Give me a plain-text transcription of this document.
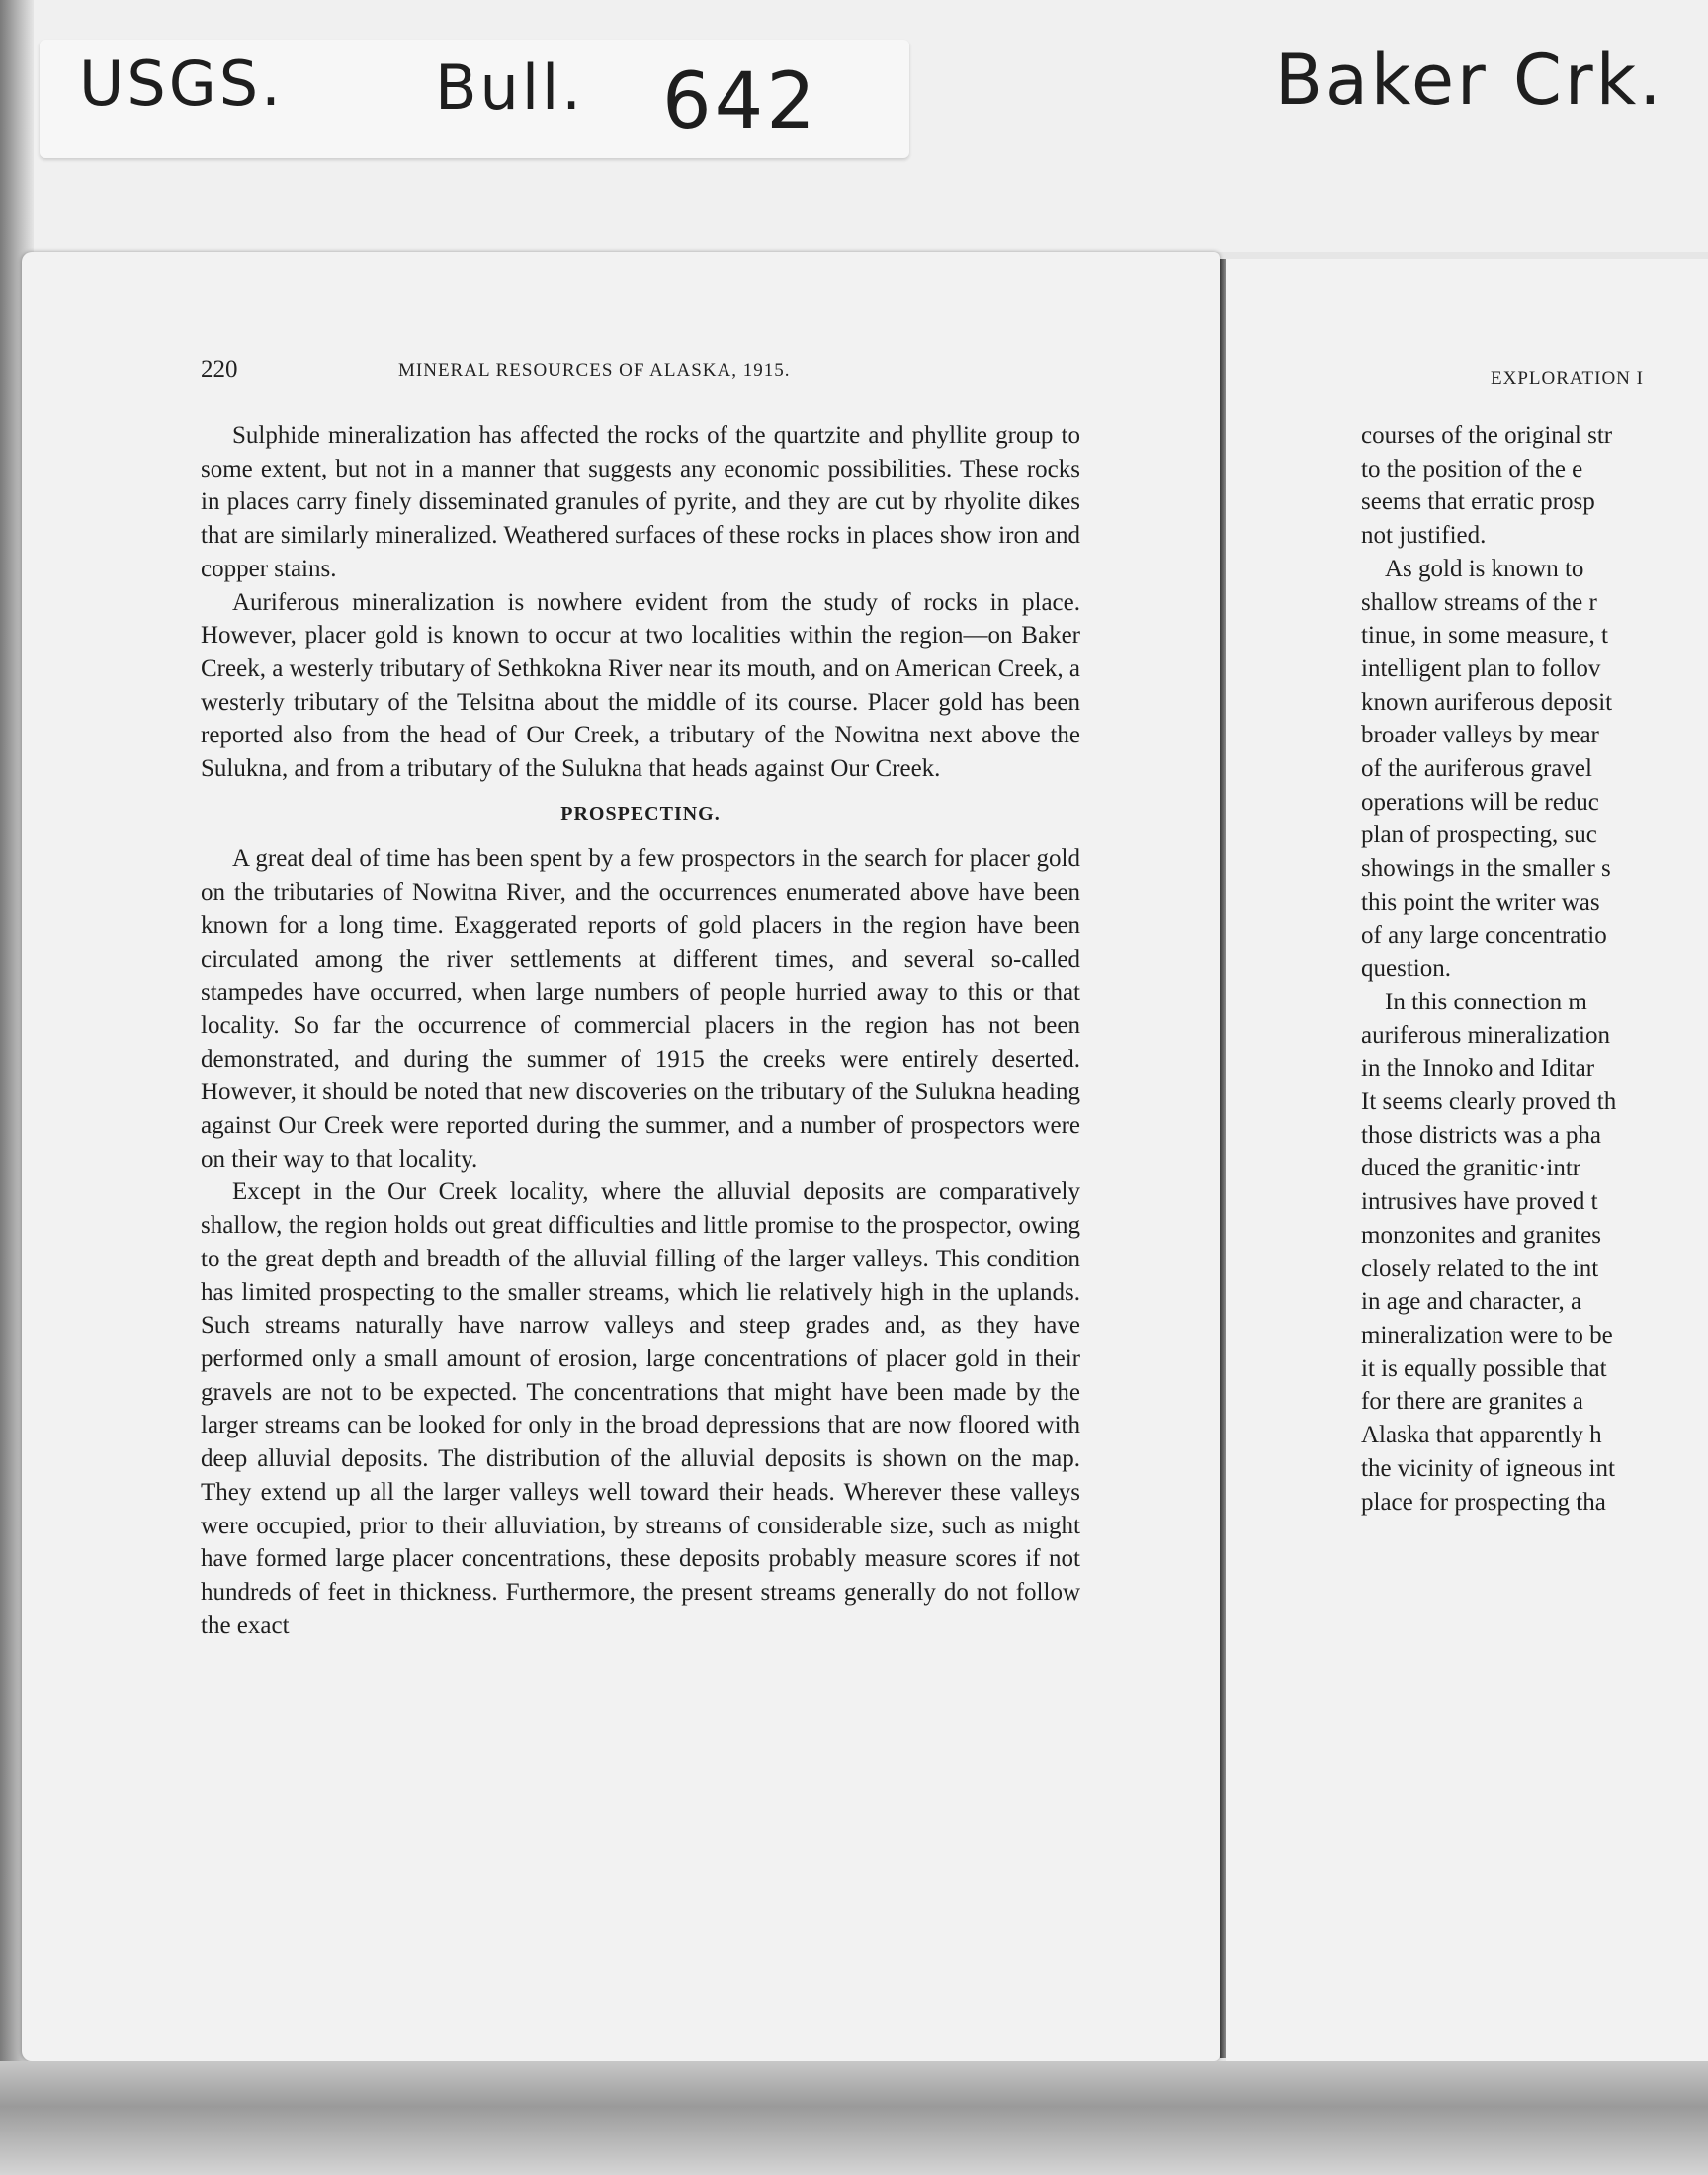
USGS. Bull. 642	Baker Crk.
220	MINERAL RESOURCES OF ALASKA, 1915.

Sulphide mineralization has affected the rocks of the quartzite and phyllite group to some extent, but not in a manner that suggests any economic possibilities. These rocks in places carry finely disseminated granules of pyrite, and they are cut by rhyolite dikes that are similarly mineralized. Weathered surfaces of these rocks in places show iron and copper stains.

Auriferous mineralization is nowhere evident from the study of rocks in place. However, placer gold is known to occur at two localities within the region—on Baker Creek, a westerly tributary of Sethkokna River near its mouth, and on American Creek, a westerly tributary of the Telsitna about the middle of its course. Placer gold has been reported also from the head of Our Creek, a tributary of the Nowitna next above the Sulukna, and from a tributary of the Sulukna that heads against Our Creek.

PROSPECTING.

A great deal of time has been spent by a few prospectors in the search for placer gold on the tributaries of Nowitna River, and the occurrences enumerated above have been known for a long time. Exaggerated reports of gold placers in the region have been circulated among the river settlements at different times, and several so-called stampedes have occurred, when large numbers of people hurried away to this or that locality. So far the occurrence of commercial placers in the region has not been demonstrated, and during the summer of 1915 the creeks were entirely deserted. However, it should be noted that new discoveries on the tributary of the Sulukna heading against Our Creek were reported during the summer, and a number of prospectors were on their way to that locality.

Except in the Our Creek locality, where the alluvial deposits are comparatively shallow, the region holds out great difficulties and little promise to the prospector, owing to the great depth and breadth of the alluvial filling of the larger valleys. This condition has limited prospecting to the smaller streams, which lie relatively high in the uplands. Such streams naturally have narrow valleys and steep grades and, as they have performed only a small amount of erosion, large concentrations of placer gold in their gravels are not to be expected. The concentrations that might have been made by the larger streams can be looked for only in the broad depressions that are now floored with deep alluvial deposits. The distribution of the alluvial deposits is shown on the map. They extend up all the larger valleys well toward their heads. Wherever these valleys were occupied, prior to their alluviation, by streams of considerable size, such as might have formed large placer concentrations, these deposits probably measure scores if not hundreds of feet in thickness. Furthermore, the present streams generally do not follow the exact

EXPLORATION I
courses of the original str
to the position of the e
seems that erratic prosp
not justified.
As gold is known to
shallow streams of the r
tinue, in some measure, t
intelligent plan to follov
known auriferous deposit
broader valleys by mear
of the auriferous gravel
operations will be reduc
plan of prospecting, suc
showings in the smaller s
this point the writer was
of any large concentratio
question.
In this connection m
auriferous mineralization
in the Innoko and Iditar
It seems clearly proved th
those districts was a pha
duced the granitic·intr
intrusives have proved t
monzonites and granites
closely related to the int
in age and character, a
mineralization were to be
it is equally possible that
for there are granites a
Alaska that apparently h
the vicinity of igneous int
place for prospecting tha
